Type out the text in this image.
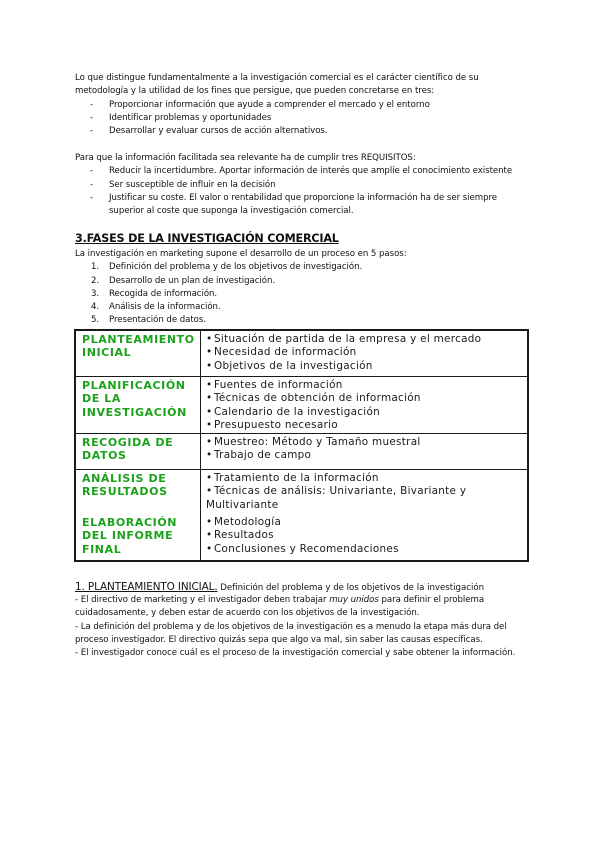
Lo que distingue fundamentalmente a la investigación comercial es el carácter científico de su metodología y la utilidad de los fines que persigue, que pueden concretarse en tres:
- Proporcionar información que ayude a comprender el mercado y el entorno
- Identificar problemas y oportunidades
- Desarrollar y evaluar cursos de acción alternativos.
Para que la información facilitada sea relevante ha de cumplir tres REQUISITOS:
- Reducir la incertidumbre. Aportar información de interés que amplíe el conocimiento existente
- Ser susceptible de influir en la decisión
- Justificar su coste. El valor o rentabilidad que proporcione la información ha de ser siempre superior al coste que suponga la investigación comercial.
3.FASES DE LA INVESTIGACIÓN COMERCIAL
La investigación en marketing supone el desarrollo de un proceso en 5 pasos:
1. Definición del problema y de los objetivos de investigación.
2. Desarrollo de un plan de investigación.
3. Recogida de información.
4. Análisis de la información.
5. Presentación de datos.
PLANTEAMIENTO INICIAL
• Situación de partida de la empresa y el mercado
• Necesidad de información
• Objetivos de la investigación
PLANIFICACIÓN DE LA INVESTIGACIÓN
• Fuentes de información
• Técnicas de obtención de información
• Calendario de la investigación
• Presupuesto necesario
RECOGIDA DE DATOS
• Muestreo: Método y Tamaño muestral
• Trabajo de campo
ANÁLISIS DE RESULTADOS
• Tratamiento de la información
• Técnicas de análisis: Univariante, Bivariante y
Multivariante
ELABORACIÓN DEL INFORME FINAL
• Metodología
• Resultados
• Conclusiones y Recomendaciones
1. PLANTEAMIENTO INICIAL. Definición del problema y de los objetivos de la investigación
- El directivo de marketing y el investigador deben trabajar muy unidos para definir el problema cuidadosamente, y deben estar de acuerdo con los objetivos de la investigación.
- La definición del problema y de los objetivos de la investigación es a menudo la etapa más dura del proceso investigador. El directivo quizás sepa que algo va mal, sin saber las causas específicas.
- El investigador conoce cuál es el proceso de la investigación comercial y sabe obtener la información.
